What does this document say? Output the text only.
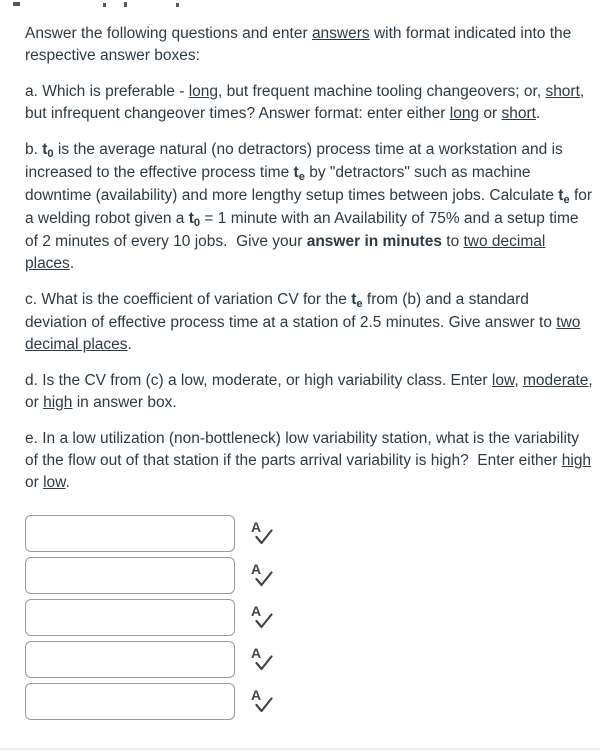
Answer the following questions and enter answers with format indicated into the respective answer boxes:

a. Which is preferable - long, but frequent machine tooling changeovers; or, short, but infrequent changeover times? Answer format: enter either long or short.

b. $t_0$ is the average natural (no detractors) process time at a workstation and is increased to the effective process time $t_e$ by "detractors" such as machine downtime (availability) and more lengthy setup times between jobs. Calculate $t_e$ for a welding robot given a $t_0 = 1$ minute with an Availability of 75% and a setup time of 2 minutes of every 10 jobs.  Give your answer in minutes to two decimal places.

c. What is the coefficient of variation CV for the $t_e$ from (b) and a standard deviation of effective process time at a station of 2.5 minutes. Give answer to two decimal places.

d. Is the CV from (c) a low, moderate, or high variability class. Enter low, moderate, or high in answer box.

e. In a low utilization (non-bottleneck) low variability station, what is the variability of the flow out of that station if the parts arrival variability is high?  Enter either high or low.

A
A
A
A
A
